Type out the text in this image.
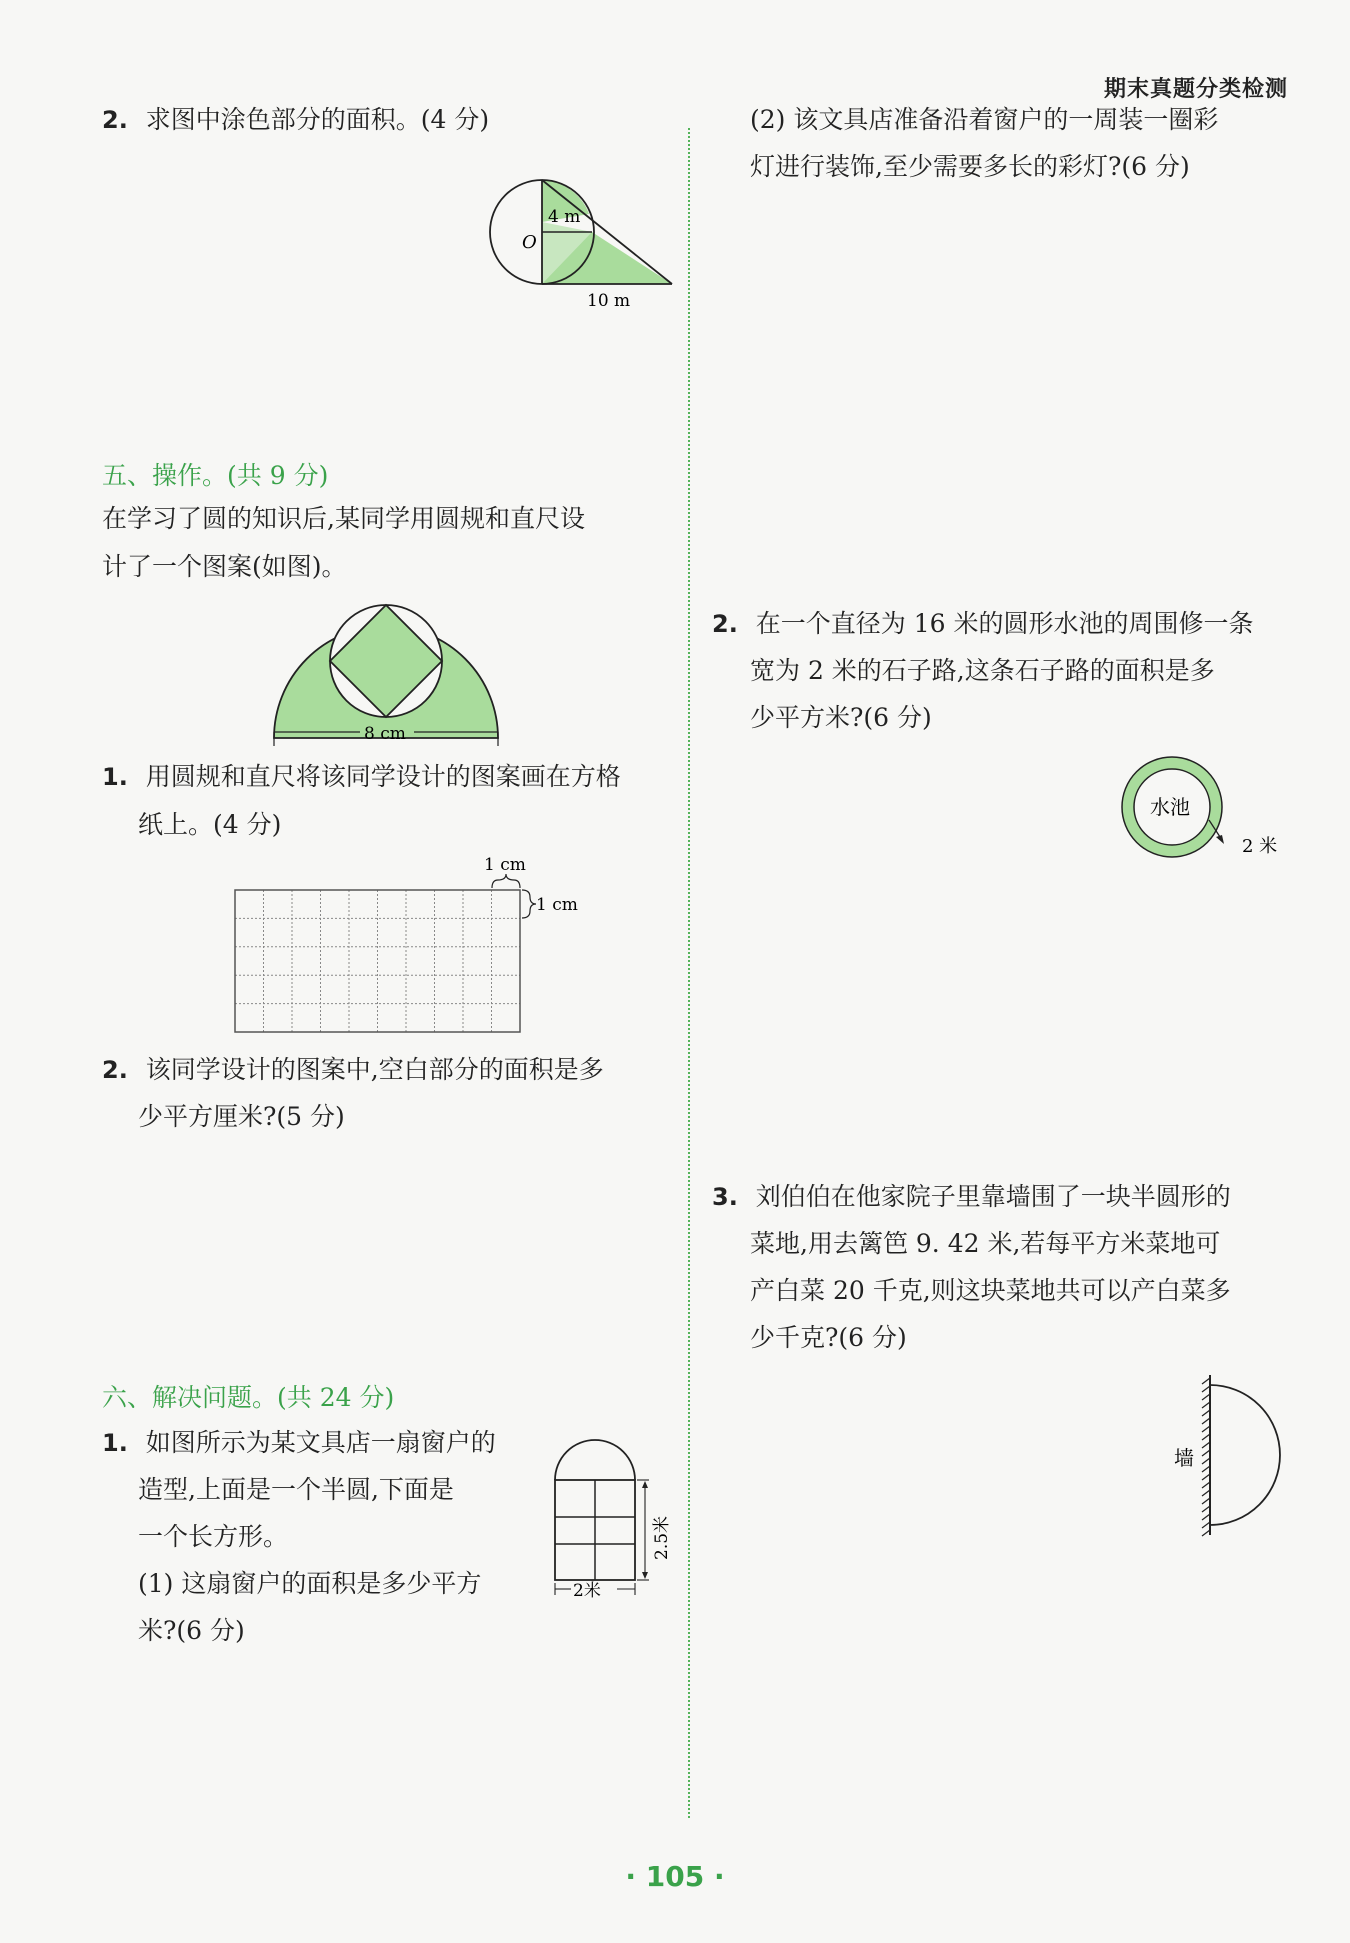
期末真题分类检测
2. 求图中涂色部分的面积。(4 分)
4 m
O
10 m
五、操作。(共 9 分)
在学习了圆的知识后,某同学用圆规和直尺设
计了一个图案(如图)。
8 cm
1. 用圆规和直尺将该同学设计的图案画在方格
纸上。(4 分)
1 cm
1 cm
2. 该同学设计的图案中,空白部分的面积是多
少平方厘米?(5 分)
六、解决问题。(共 24 分)
1. 如图所示为某文具店一扇窗户的
造型,上面是一个半圆,下面是
一个长方形。
(1) 这扇窗户的面积是多少平方
米?(6 分)
2.5米
2米
(2) 该文具店准备沿着窗户的一周装一圈彩
灯进行装饰,至少需要多长的彩灯?(6 分)
2. 在一个直径为 16 米的圆形水池的周围修一条
宽为 2 米的石子路,这条石子路的面积是多
少平方米?(6 分)
水池
2 米
3. 刘伯伯在他家院子里靠墙围了一块半圆形的
菜地,用去篱笆 9. 42 米,若每平方米菜地可
产白菜 20 千克,则这块菜地共可以产白菜多
少千克?(6 分)
墙
· 105 ·
